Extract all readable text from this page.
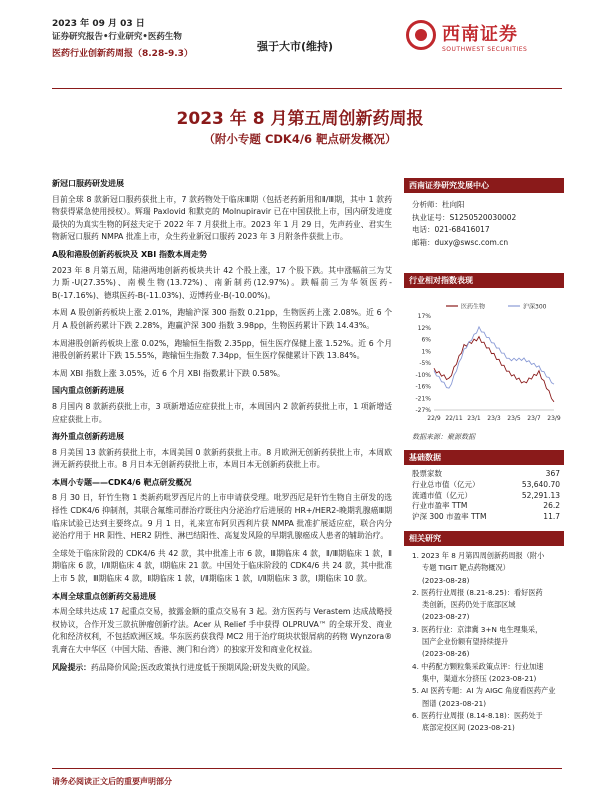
2023 年 09 月 03 日
证券研究报告•行业研究•医药生物
医药行业创新药周报（8.28-9.3）
强于大市(维持)
西南证券
SOUTHWEST SECURITIES
2023 年 8 月第五周创新药周报
（附小专题 CDK4/6 靶点研发概况）
新冠口服药研发进展
目前全球 8 款新冠口服药获批上市，7 款药物处于临床Ⅲ期（包括老药新用和Ⅱ/Ⅲ期，其中 1 款药物获得紧急使用授权）。辉瑞 Paxlovid 和默克的 Molnupiravir 已在中国获批上市，国内研发进度最快的为真实生物的阿兹夫定于 2022 年 7 月获批上市。2023 年 1 月 29 日，先声药业、君实生物新冠口服药 NMPA 批准上市，众生药业新冠口服药 2023 年 3 月附条件获批上市。
A股和港股创新药板块及 XBI 指数本周走势
2023 年 8 月第五周，陆港两地创新药板块共计 42 个股上涨，17 个股下跌。其中涨幅前三为艾力斯-U(27.35%)、南模生物(13.72%)、南新制药(12.97%)。跌幅前三为华领医药-B(-17.16%)、德琪医药-B(-11.03%)、迈博药业-B(-10.00%)。
本周 A 股创新药板块上涨 2.01%，跑输沪深 300 指数 0.21pp，生物医药上涨 2.08%。近 6 个月 A 股创新药累计下跌 2.28%，跑赢沪深 300 指数 3.98pp，生物医药累计下跌 14.43%。
本周港股创新药板块上涨 0.02%，跑输恒生指数 2.35pp，恒生医疗保健上涨 1.52%。近 6 个月港股创新药累计下跌 15.55%，跑输恒生指数 7.34pp，恒生医疗保健累计下跌 13.84%。
本周 XBI 指数上涨 3.05%，近 6 个月 XBI 指数累计下跌 0.58%。
国内重点创新药进展
8 月国内 8 款新药获批上市，3 项新增适应症获批上市，本周国内 2 款新药获批上市，1 项新增适应症获批上市。
海外重点创新药进展
8 月美国 13 款新药获批上市，本周美国 0 款新药获批上市。8 月欧洲无创新药获批上市，本周欧洲无新药获批上市。8 月日本无创新药获批上市，本周日本无创新药获批上市。
本周小专题——CDK4/6 靶点研发概况
8 月 30 日，轩竹生物 1 类新药吡罗西尼片的上市申请获受理。吡罗西尼是轩竹生物自主研发的选择性 CDK4/6 抑制剂，其联合氟维司群治疗既往内分泌治疗后进展的 HR+/HER2-晚期乳腺癌Ⅲ期临床试验已达到主要终点。9 月 1 日，礼来宣布阿贝西利片获 NMPA 批准扩展适应症，联合内分泌治疗用于 HR 阳性、HER2 阴性、淋巴结阳性、高复发风险的早期乳腺癌成人患者的辅助治疗。
全球处于临床阶段的 CDK4/6 共 42 款，其中批准上市 6 款，Ⅲ期临床 4 款，Ⅱ/Ⅲ期临床 1 款，Ⅱ期临床 6 款，Ⅰ/Ⅱ期临床 4 款，Ⅰ期临床 21 款。中国处于临床阶段的 CDK4/6 共 24 款，其中批准上市 5 款，Ⅲ期临床 4 款，Ⅱ期临床 1 款，Ⅰ/Ⅱ期临床 1 款，Ⅰ/Ⅱ期临床 3 款，Ⅰ期临床 10 款。
本周全球重点创新药交易进展
本周全球共达成 17 起重点交易，披露金额的重点交易有 3 起。劲方医药与 Verastem 达成战略授权协议，合作开发三款抗肿瘤创新疗法。Acer 从 Relief 手中获得 OLPRUVA™ 的全球开发、商业化和经济权利，不包括欧洲区域。华东医药获我得 MC2 用于治疗斑块状银屑病的药物 Wynzora®乳膏在大中华区（中国大陆、香港、澳门和台湾）的独家开发和商业化权益。
风险提示：药品降价风险;医改政策执行进度低于预期风险;研发失败的风险。
西南证券研究发展中心
分析师：杜向阳
执业证号：S1250520030002
电话：021-68416017
邮箱：duxy@swsc.com.cn
行业相对指数表现
17%
12%
6%
1%
-5%
-10%
-16%
-21%
-27%
22/9 22/11 23/1 23/3 23/5 23/7 23/9
医药生物	沪深300
数据来源：聚源数据
基础数据
股票家数	367
行业总市值（亿元）	53,640.70
流通市值（亿元）	52,291.13
行业市盈率 TTM	26.2
沪深 300 市盈率 TTM	11.7
相关研究
1. 2023 年 8 月第四周创新药周报（附小
专题 TIGIT 靶点药物概况）
(2023-08-28)
2. 医药行业周报 (8.21-8.25)：看好医药
类创新，医药仍处于底部区域
(2023-08-27)
3. 医药行业：京津冀 3+N 电生理集采，
国产企业份额有望持续提升
(2023-08-26)
4. 中药配方颗粒集采政策点评：行业加速
集中，渠道水分挤压 (2023-08-21)
5. AI 医药专题：AI 为 AIGC 角度看医药产业
图谱 (2023-08-21)
6. 医药行业周报 (8.14-8.18)：医药处于
底部定投区间 (2023-08-21)
请务必阅读正文后的重要声明部分
